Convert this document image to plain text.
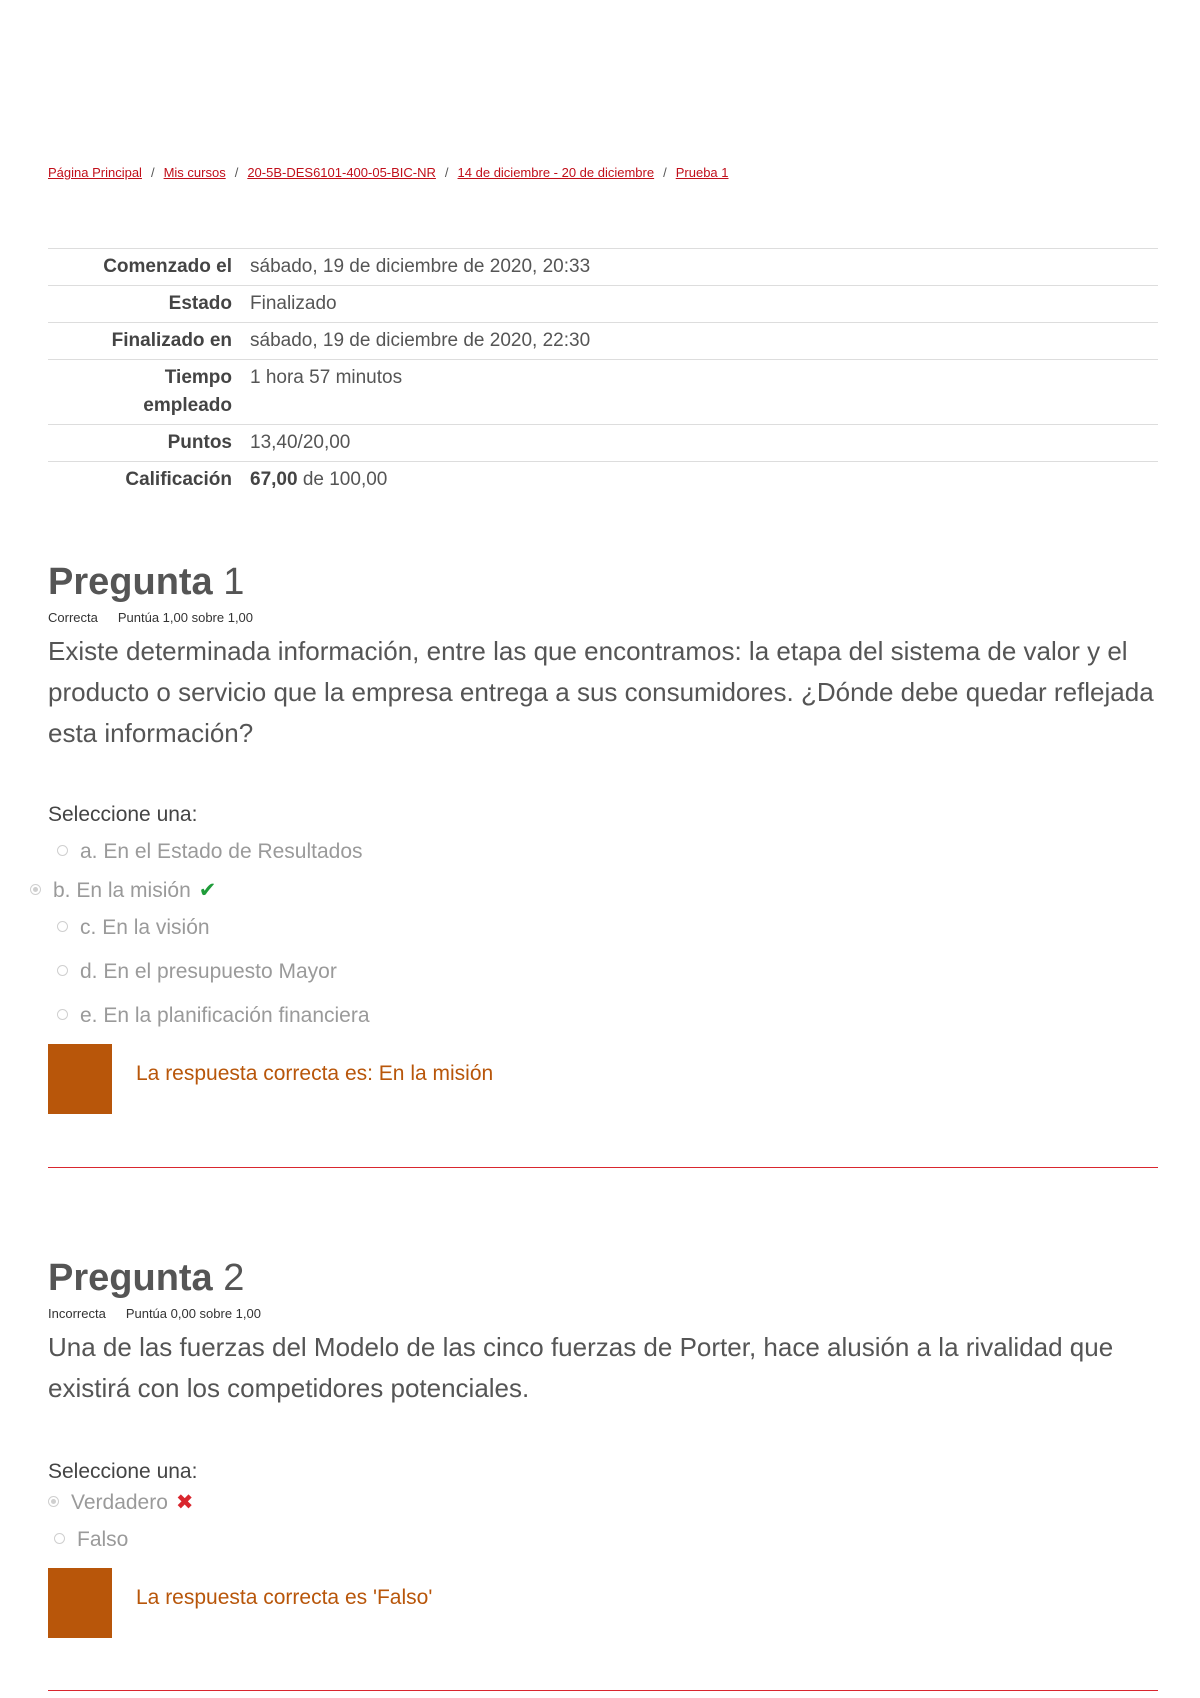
Página Principal / Mis cursos / 20-5B-DES6101-400-05-BIC-NR / 14 de diciembre - 20 de diciembre / Prueba 1
Comenzado el	sábado, 19 de diciembre de 2020, 20:33
Estado	Finalizado
Finalizado en	sábado, 19 de diciembre de 2020, 22:30
Tiempo
empleado	1 hora 57 minutos
Puntos	13,40/20,00
Calificación	67,00 de 100,00
Pregunta 1
Correcta Puntúa 1,00 sobre 1,00
Existe determinada información, entre las que encontramos: la etapa del sistema de valor y el producto o servicio que la empresa entrega a sus consumidores. ¿Dónde debe quedar reflejada esta información?
Seleccione una:
a. En el Estado de Resultados
b. En la misión ✔
c. En la visión
d. En el presupuesto Mayor
e. En la planificación financiera
La respuesta correcta es: En la misión
Pregunta 2
Incorrecta Puntúa 0,00 sobre 1,00
Una de las fuerzas del Modelo de las cinco fuerzas de Porter, hace alusión a la rivalidad que existirá con los competidores potenciales.
Seleccione una:
Verdadero ✖
Falso
La respuesta correcta es 'Falso'
